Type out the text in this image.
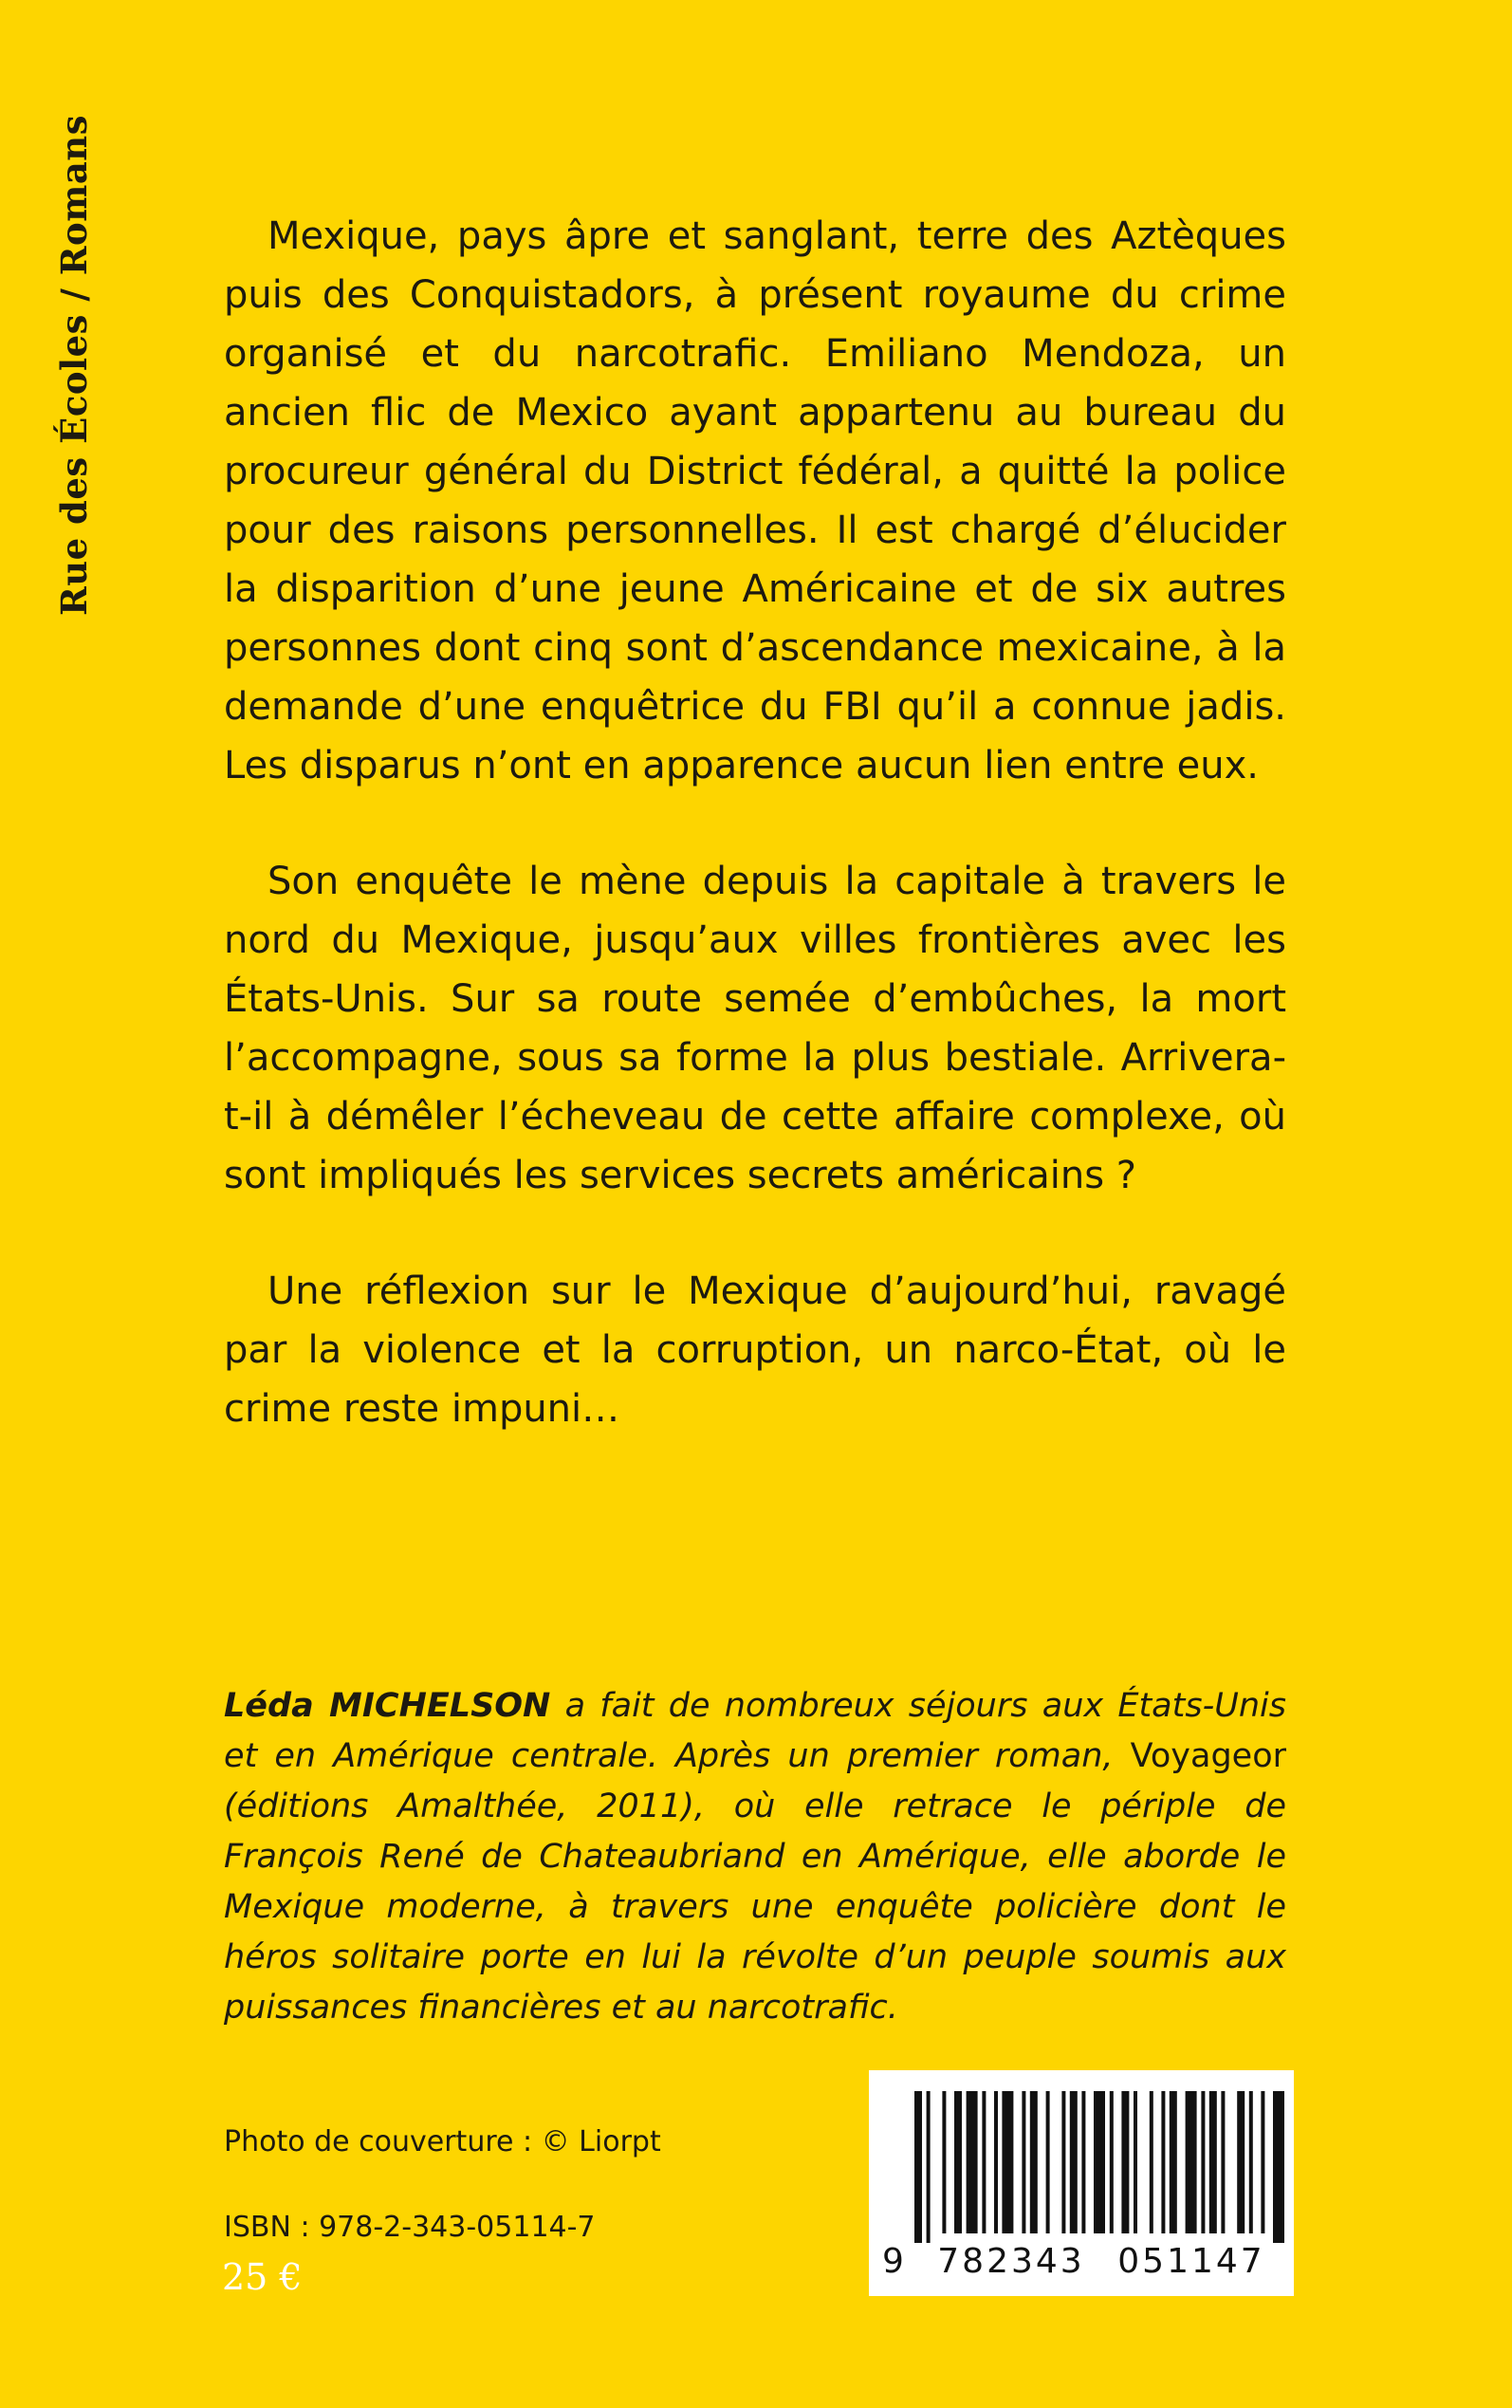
Rue des Écoles / Romans	Mexique, pays âpre et sanglant, terre des Aztèques puis des Conquistadors, à présent royaume du crime organisé et du narcotrafic. Emiliano Mendoza, un ancien flic de Mexico ayant appartenu au bureau du procureur général du District fédéral, a quitté la police pour des raisons personnelles. Il est chargé d’élucider la disparition d’une jeune Américaine et de six autres personnes dont cinq sont d’ascendance mexicaine, à la demande d’une enquêtrice du FBI qu’il a connue jadis. Les disparus n’ont en apparence aucun lien entre eux.

Son enquête le mène depuis la capitale à travers le nord du Mexique, jusqu’aux villes frontières avec les États-Unis. Sur sa route semée d’embûches, la mort l’accompagne, sous sa forme la plus bestiale. Arrivera-t-il à démêler l’écheveau de cette affaire complexe, où sont impliqués les services secrets américains ?

Une réflexion sur le Mexique d’aujourd’hui, ravagé par la violence et la corruption, un narco-État, où le crime reste impuni…

Léda MICHELSON a fait de nombreux séjours aux États-Unis et en Amérique centrale. Après un premier roman, Voyageor (éditions Amalthée, 2011), où elle retrace le périple de François René de Chateaubriand en Amérique, elle aborde le Mexique moderne, à travers une enquête policière dont le héros solitaire porte en lui la révolte d’un peuple soumis aux puissances financières et au narcotrafic.

Photo de couverture : © Liorpt

ISBN : 978-2-343-05114-7

25 €	9 782343 051147
